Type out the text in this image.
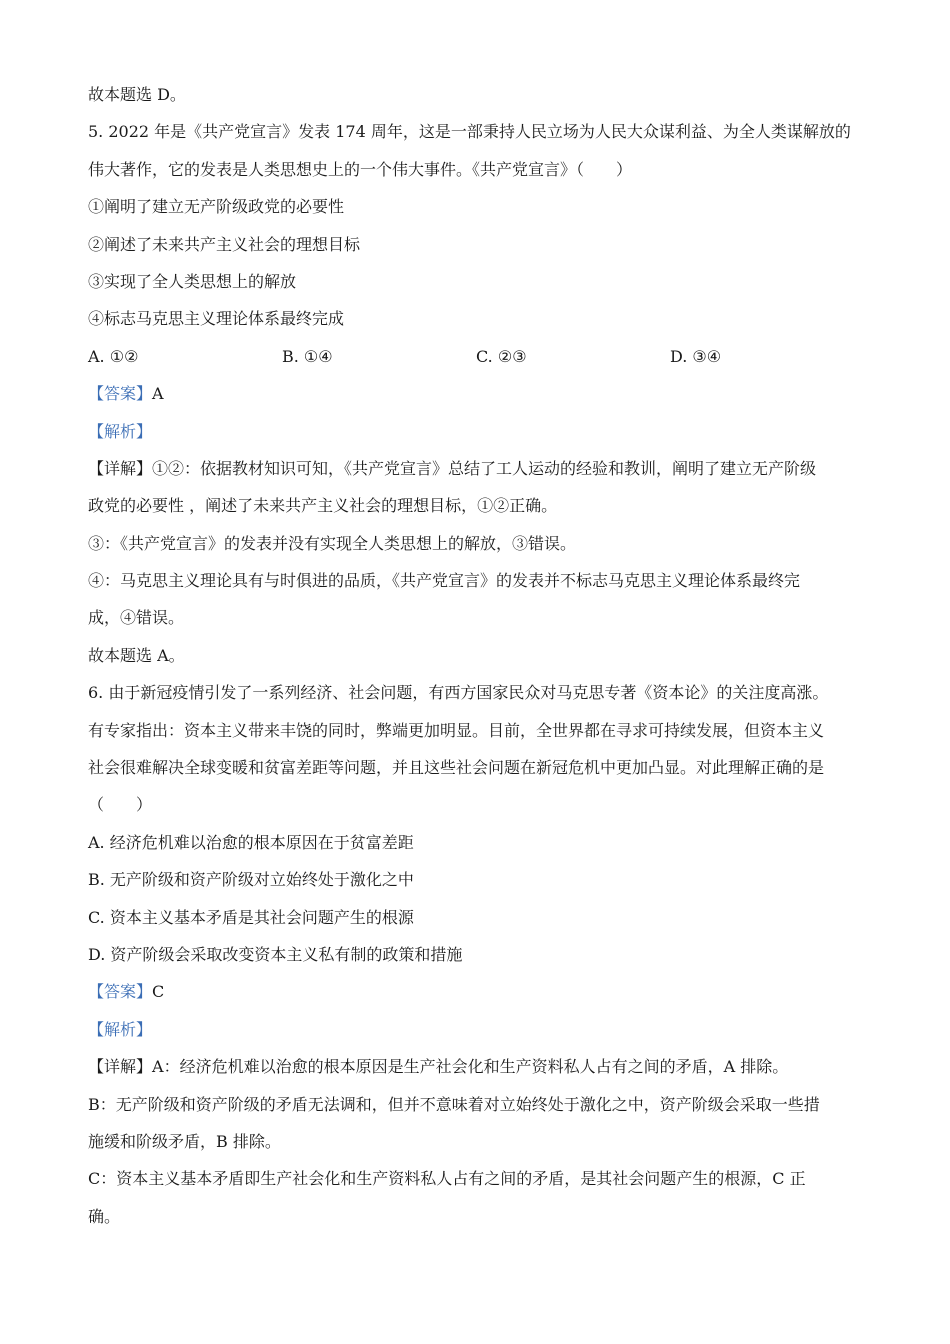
故本题选 D。
5. 2022 年是《共产党宣言》发表 174 周年，这是一部秉持人民立场为人民大众谋利益、为全人类谋解放的
伟大著作，它的发表是人类思想史上的一个伟大事件。《共产党宣言》（　　）
①阐明了建立无产阶级政党的必要性
②阐述了未来共产主义社会的理想目标
③实现了全人类思想上的解放
④标志马克思主义理论体系最终完成
A. ①②	B. ①④	C. ②③	D. ③④
【答案】A
【解析】
【详解】①②：依据教材知识可知，《共产党宣言》总结了工人运动的经验和教训，阐明了建立无产阶级
政党的必要性 ，阐述了未来共产主义社会的理想目标，①②正确。
③：《共产党宣言》的发表并没有实现全人类思想上的解放，③错误。
④：马克思主义理论具有与时俱进的品质，《共产党宣言》的发表并不标志马克思主义理论体系最终完
成，④错误。
故本题选 A。
6. 由于新冠疫情引发了一系列经济、社会问题，有西方国家民众对马克思专著《资本论》的关注度高涨。
有专家指出：资本主义带来丰饶的同时，弊端更加明显。目前，全世界都在寻求可持续发展，但资本主义
社会很难解决全球变暖和贫富差距等问题，并且这些社会问题在新冠危机中更加凸显。对此理解正确的是
（　　）
A. 经济危机难以治愈的根本原因在于贫富差距
B. 无产阶级和资产阶级对立始终处于激化之中
C. 资本主义基本矛盾是其社会问题产生的根源
D. 资产阶级会采取改变资本主义私有制的政策和措施
【答案】C
【解析】
【详解】A：经济危机难以治愈的根本原因是生产社会化和生产资料私人占有之间的矛盾，A 排除。
B：无产阶级和资产阶级的矛盾无法调和，但并不意味着对立始终处于激化之中，资产阶级会采取一些措
施缓和阶级矛盾，B 排除。
C：资本主义基本矛盾即生产社会化和生产资料私人占有之间的矛盾，是其社会问题产生的根源，C 正
确。
